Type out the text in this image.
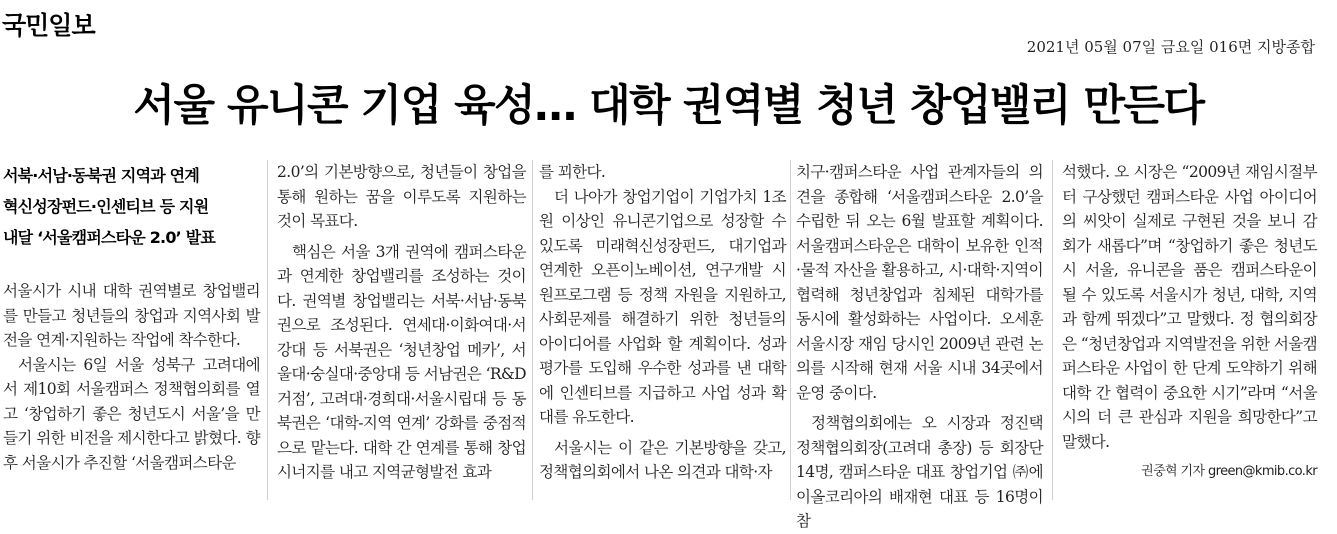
국민일보
2021년 05월 07일 금요일 016면 지방종합
서울 유니콘 기업 육성… 대학 권역별 청년 창업밸리 만든다
서북·서남·동북권 지역과 연계
혁신성장펀드·인센티브 등 지원
내달 ‘서울캠퍼스타운 2.0’ 발표

서울시가 시내 대학 권역별로 창업밸리를 만들고 청년들의 창업과 지역사회 발전을 연계·지원하는 작업에 착수한다.

서울시는 6일 서울 성북구 고려대에서 제10회 서울캠퍼스 정책협의회를 열고 ‘창업하기 좋은 청년도시 서울’을 만들기 위한 비전을 제시한다고 밝혔다. 향후 서울시가 추진할 ‘서울캠퍼스타운

2.0’의 기본방향으로, 청년들이 창업을 통해 원하는 꿈을 이루도록 지원하는 것이 목표다.

핵심은 서울 3개 권역에 캠퍼스타운과 연계한 창업밸리를 조성하는 것이다. 권역별 창업밸리는 서북·서남·동북권으로 조성된다. 연세대·이화여대·서강대 등 서북권은 ‘청년창업 메카’, 서울대·숭실대·중앙대 등 서남권은 ‘R&D 거점’, 고려대·경희대·서울시립대 등 동북권은 ‘대학-지역 연계’ 강화를 중점적으로 맡는다. 대학 간 연계를 통해 창업 시너지를 내고 지역균형발전 효과

를 꾀한다.

더 나아가 창업기업이 기업가치 1조원 이상인 유니콘기업으로 성장할 수 있도록 미래혁신성장펀드, 대기업과 연계한 오픈이노베이션, 연구개발 시원프로그램 등 정책 자원을 지원하고, 사회문제를 해결하기 위한 청년들의 아이디어를 사업화 할 계획이다. 성과평가를 도입해 우수한 성과를 낸 대학에 인센티브를 지급하고 사업 성과 확대를 유도한다.

서울시는 이 같은 기본방향을 갖고, 정책협의회에서 나온 의견과 대학·자

치구·캠퍼스타운 사업 관계자들의 의견을 종합해 ‘서울캠퍼스타운 2.0’을 수립한 뒤 오는 6월 발표할 계획이다. 서울캠퍼스타운은 대학이 보유한 인적·물적 자산을 활용하고, 시·대학·지역이 협력해 청년창업과 침체된 대학가를 동시에 활성화하는 사업이다. 오세훈 서울시장 재임 당시인 2009년 관련 논의를 시작해 현재 서울 시내 34곳에서 운영 중이다.

정책협의회에는 오 시장과 정진택 정책협의회장(고려대 총장) 등 회장단 14명, 캠퍼스타운 대표 창업기업 ㈜에이올코리아의 배재현 대표 등 16명이 참

석했다. 오 시장은 “2009년 재임시절부터 구상했던 캠퍼스타운 사업 아이디어의 씨앗이 실제로 구현된 것을 보니 감회가 새롭다”며 “창업하기 좋은 청년도시 서울, 유니콘을 품은 캠퍼스타운이 될 수 있도록 서울시가 청년, 대학, 지역과 함께 뛰겠다”고 말했다. 정 협의회장은 “청년창업과 지역발전을 위한 서울캠퍼스타운 사업이 한 단계 도약하기 위해 대학 간 협력이 중요한 시기”라며 “서울시의 더 큰 관심과 지원을 희망한다”고 말했다.

권중혁 기자 green@kmib.co.kr
